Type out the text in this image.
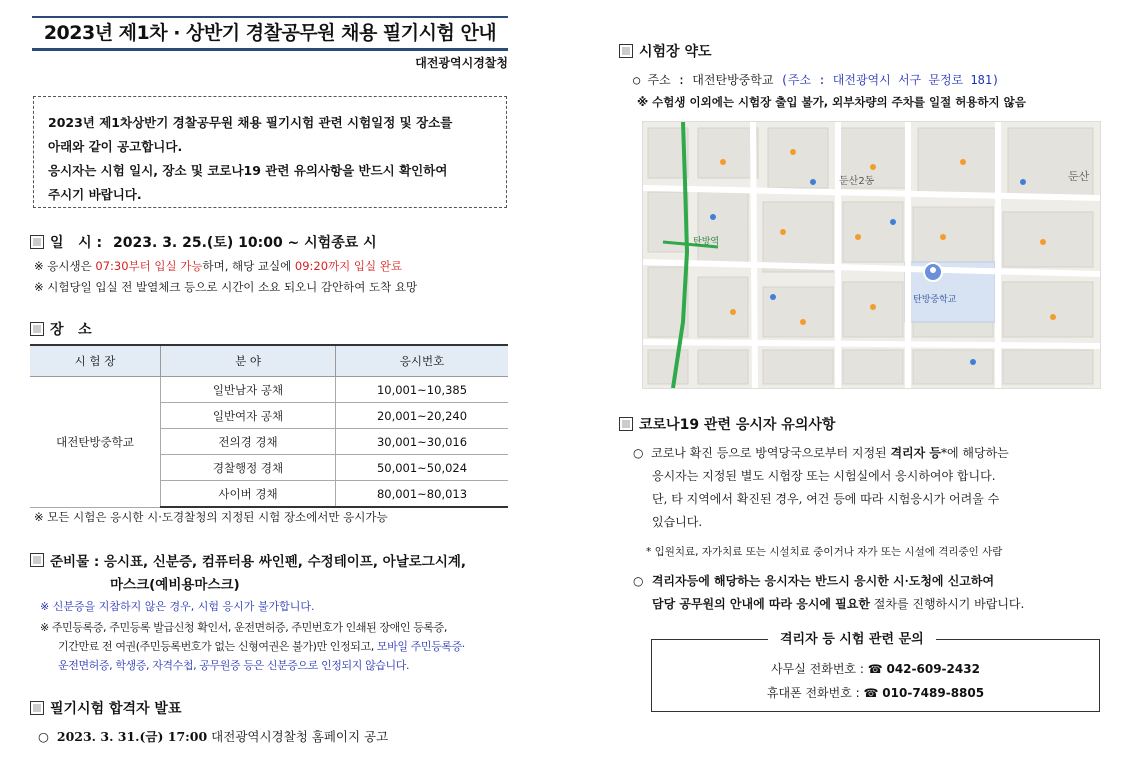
2023년 제1차 · 상반기 경찰공무원 채용 필기시험 안내
대전광역시경찰청
2023년 제1차상반기 경찰공무원 채용 필기시험 관련 시험일정 및 장소를
아래와 같이 공고합니다.
응시자는 시험 일시, 장소 및 코로나19 관련 유의사항을 반드시 확인하여
주시기 바랍니다.
일   시 : 2023. 3. 25.(토) 10:00 ~ 시험종료 시
※ 응시생은 07:30부터 입실 가능하며, 해당 교실에 09:20까지 입실 완료
※ 시험당일 입실 전 발열체크 등으로 시간이 소요 되오니 감안하여 도착 요망
장   소
시 험 장	분 야	응시번호
대전탄방중학교	일반남자 공채	10,001~10,385
	일반여자 공채	20,001~20,240
	전의경 경채	30,001~30,016
	경찰행정 경채	50,001~50,024
	사이버 경채	80,001~80,013
※ 모든 시험은 응시한 시·도경찰청의 지정된 시험 장소에서만 응시가능
준비물 : 응시표, 신분증, 컴퓨터용 싸인펜, 수정테이프, 아날로그시계,
마스크(예비용마스크)
※ 신분증을 지참하지 않은 경우, 시험 응시가 불가합니다.
※ 주민등록증, 주민등록 발급신청 확인서, 운전면허증, 주민번호가 인쇄된 장애인 등록증,
기간만료 전 여권(주민등록번호가 없는 신형여권은 불가)만 인정되고, 모바일 주민등록증·
운전면허증, 학생증, 자격수첩, 공무원증 등은 신분증으로 인정되지 않습니다.
필기시험 합격자 발표
○ 2023. 3. 31.(금) 17:00 대전광역시경찰청 홈페이지 공고
시험장 약도
○ 주소 : 대전탄방중학교 (주소 : 대전광역시 서구 문정로 181)
※ 수험생 이외에는 시험장 출입 불가, 외부차량의 주차를 일절 허용하지 않음
탄방중학교
둔산
탄방역
둔산2동
코로나19 관련 응시자 유의사항
○ 코로나 확진 등으로 방역당국으로부터 지정된 격리자 등*에 해당하는
응시자는 지정된 별도 시험장 또는 시험실에서 응시하여야 합니다.
단, 타 지역에서 확진된 경우, 여건 등에 따라 시험응시가 어려울 수
있습니다.
* 입원치료, 자가치료 또는 시설치료 중이거나 자가 또는 시설에 격리중인 사람
○ 격리자등에 해당하는 응시자는 반드시 응시한 시·도청에 신고하여
담당 공무원의 안내에 따라 응시에 필요한 절차를 진행하시기 바랍니다.
격리자 등 시험 관련 문의
사무실 전화번호 : ☎ 042-609-2432
휴대폰 전화번호 : ☎ 010-7489-8805
